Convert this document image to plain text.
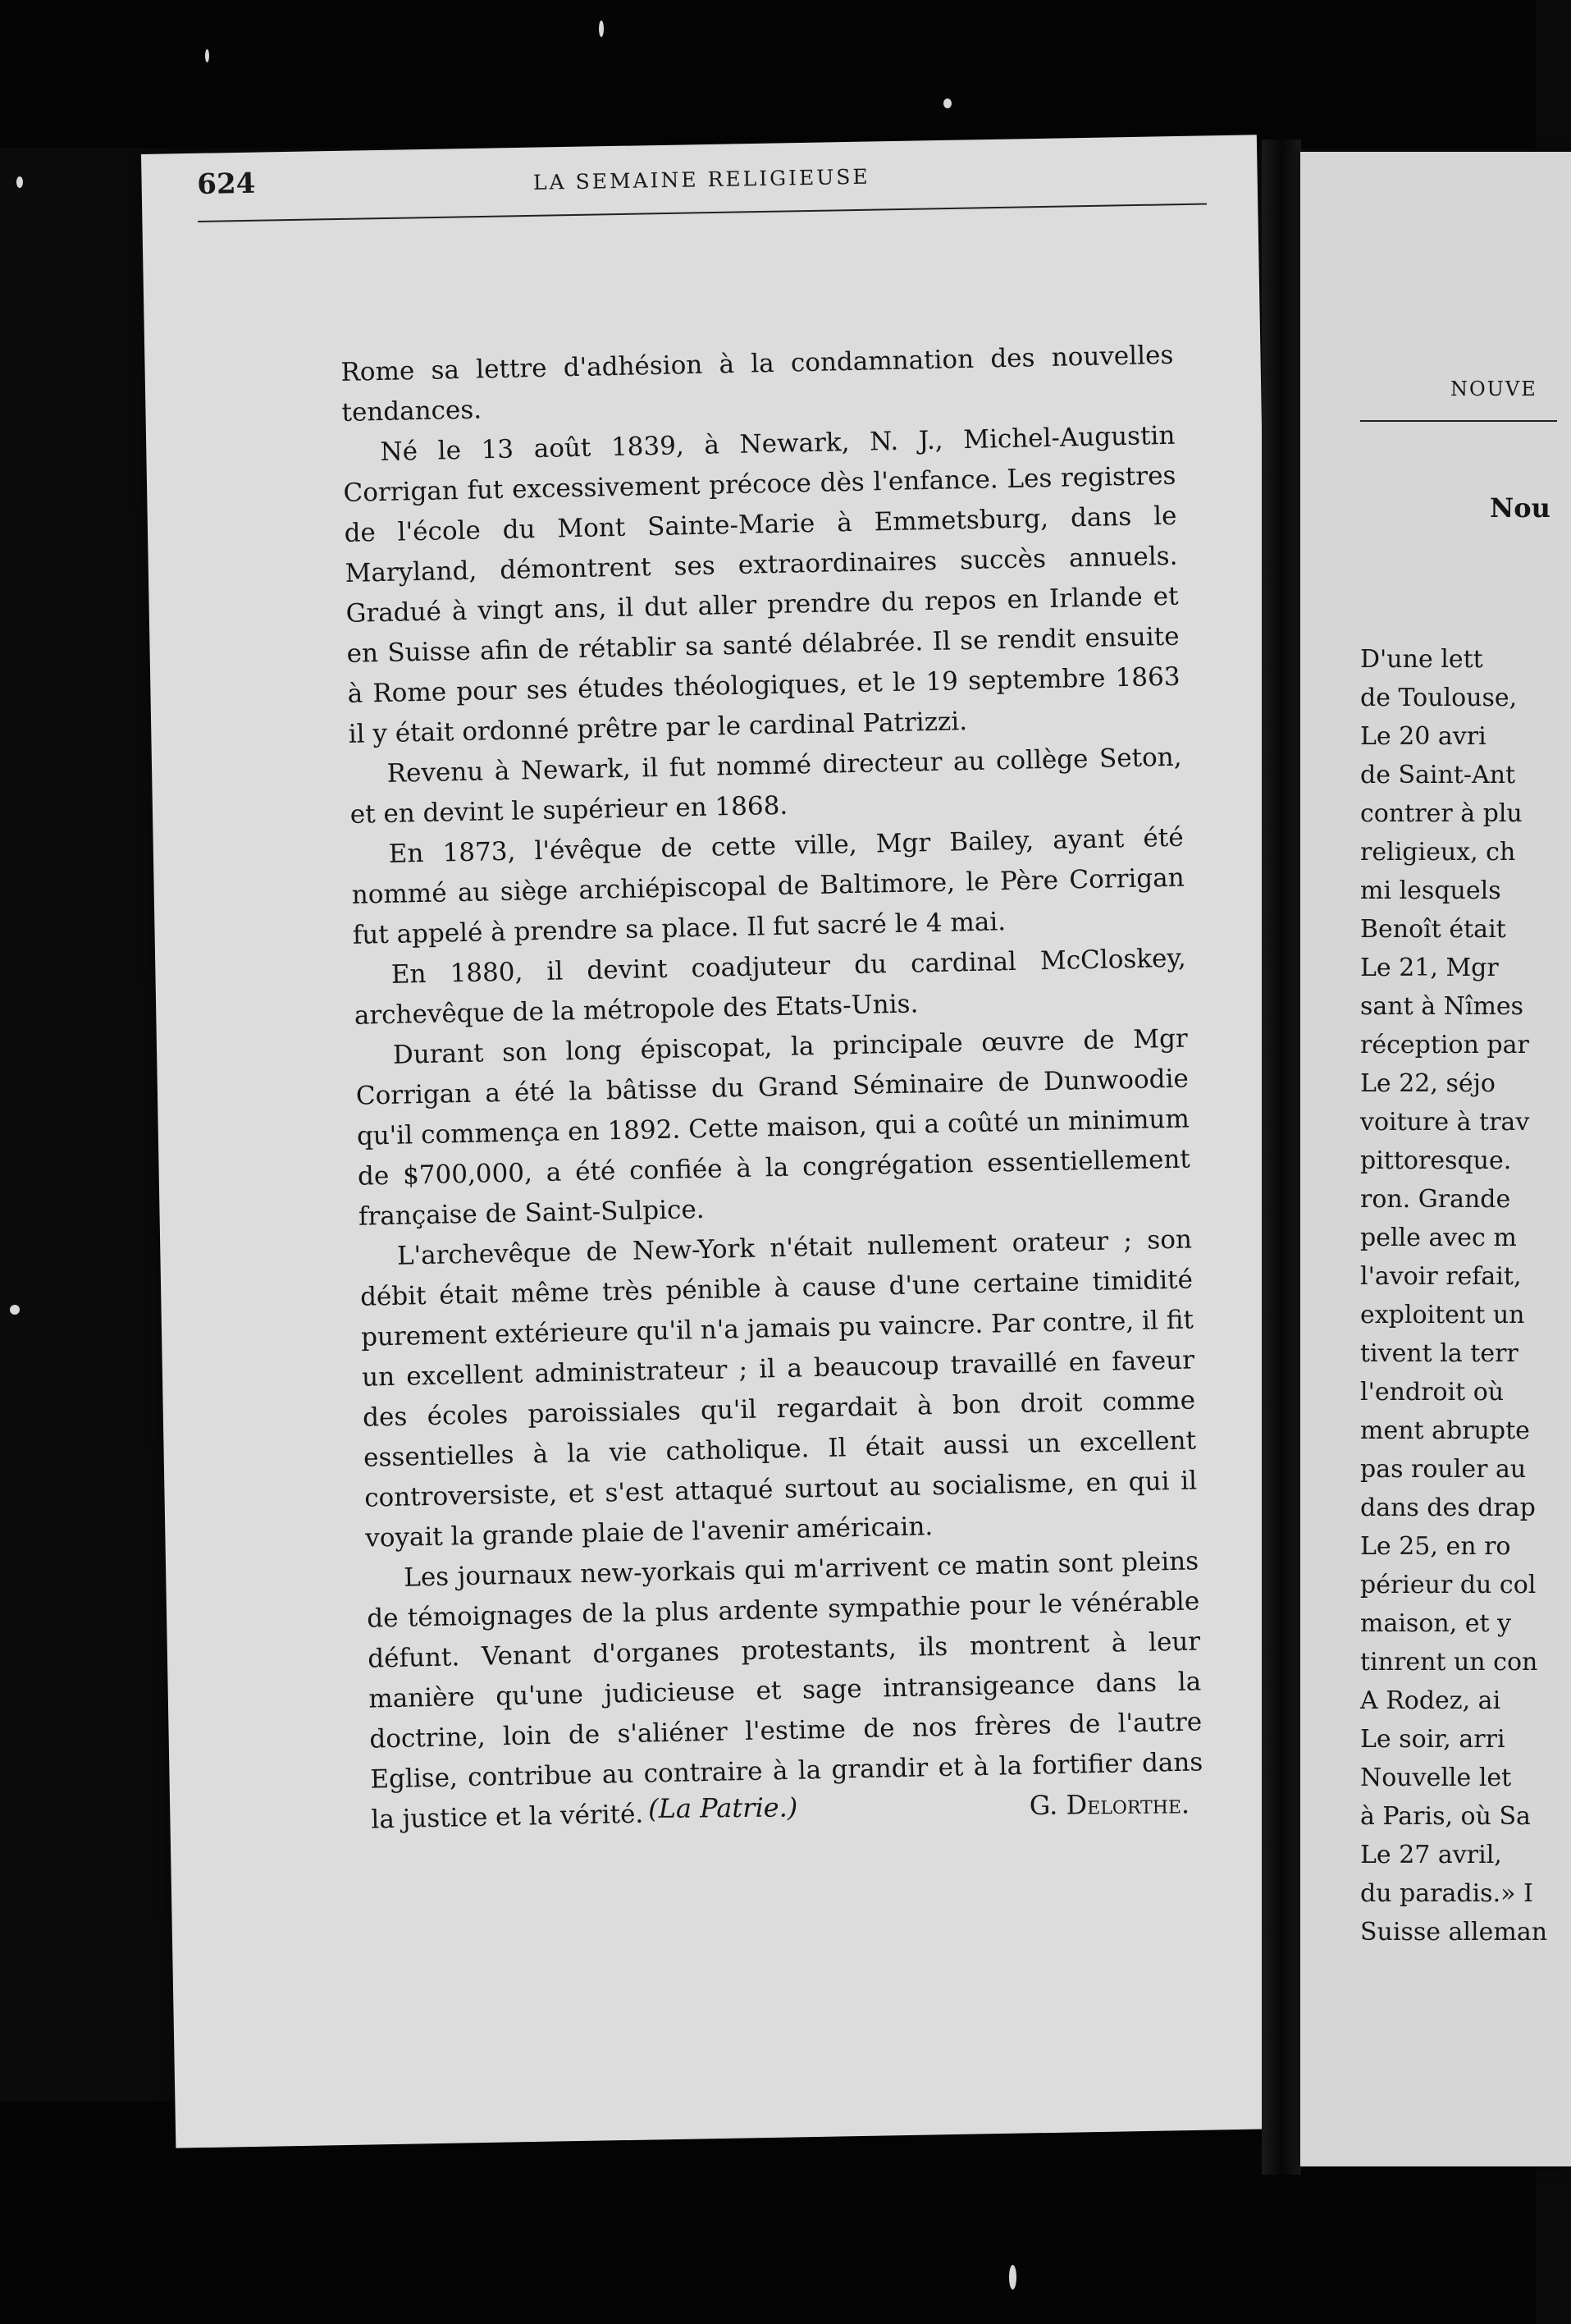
624	LA SEMAINE RELIGIEUSE

Rome sa lettre d'adhésion à la condamnation des nouvelles tendances.

Né le 13 août 1839, à Newark, N. J., Michel-Augustin Corrigan fut excessivement précoce dès l'enfance. Les registres de l'école du Mont Sainte-Marie à Emmetsburg, dans le Maryland, démontrent ses extraordinaires succès annuels. Gradué à vingt ans, il dut aller prendre du repos en Irlande et en Suisse afin de rétablir sa santé délabrée. Il se rendit ensuite à Rome pour ses études théologiques, et le 19 septembre 1863 il y était ordonné prêtre par le cardinal Patrizzi.

Revenu à Newark, il fut nommé directeur au collège Seton, et en devint le supérieur en 1868.

En 1873, l'évêque de cette ville, Mgr Bailey, ayant été nommé au siège archiépiscopal de Baltimore, le Père Corrigan fut appelé à prendre sa place. Il fut sacré le 4 mai.

En 1880, il devint coadjuteur du cardinal McCloskey, archevêque de la métropole des Etats-Unis.

Durant son long épiscopat, la principale œuvre de Mgr Corrigan a été la bâtisse du Grand Séminaire de Dunwoodie qu'il commença en 1892. Cette maison, qui a coûté un minimum de $700,000, a été confiée à la congrégation essentiellement française de Saint-Sulpice.

L'archevêque de New-York n'était nullement orateur ; son débit était même très pénible à cause d'une certaine timidité purement extérieure qu'il n'a jamais pu vaincre. Par contre, il fit un excellent administrateur ; il a beaucoup travaillé en faveur des écoles paroissiales qu'il regardait à bon droit comme essentielles à la vie catholique. Il était aussi un excellent controversiste, et s'est attaqué surtout au socialisme, en qui il voyait la grande plaie de l'avenir américain.

Les journaux new-yorkais qui m'arrivent ce matin sont pleins de témoignages de la plus ardente sympathie pour le vénérable défunt. Venant d'organes protestants, ils montrent à leur manière qu'une judicieuse et sage intransigeance dans la doctrine, loin de s'aliéner l'estime de nos frères de l'autre Eglise, contribue au contraire à la grandir et à la fortifier dans la justice et la vérité. (La Patrie.)	G. Delorthe.

NOUVE

Nou

D'une lett
de Toulouse,
Le 20 avri
de Saint-Ant
contrer à plu
religieux, ch
mi lesquels
Benoît était
Le 21, Mgr
sant à Nîmes
réception par
Le 22, séjo
voiture à trav
pittoresque.
ron. Grande
pelle avec m
l'avoir refait,
exploitent un
tivent la terr
l'endroit où
ment abrupte
pas rouler au
dans des drap
Le 25, en ro
périeur du col
maison, et y
tinrent un con
A Rodez, ai
Le soir, arri
Nouvelle let
à Paris, où Sa
Le 27 avril,
du paradis.» I
Suisse alleman
